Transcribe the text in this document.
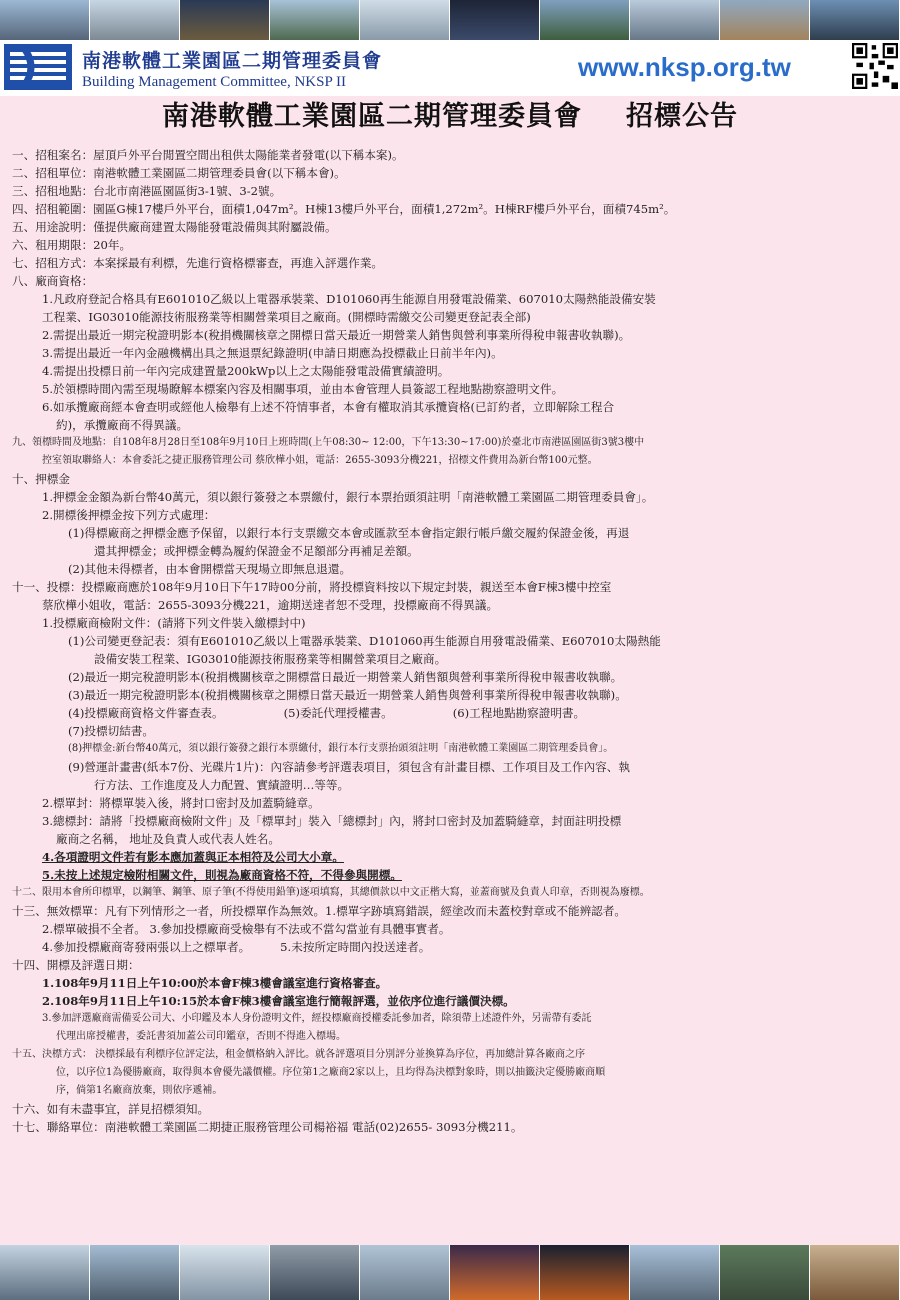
南港軟體工業園區二期管理委員會
Building Management Committee, NKSP II	www.nksp.org.tw
南港軟體工業園區二期管理委員會 招標公告
一、招租案名：屋頂戶外平台閒置空間出租供太陽能業者發電(以下稱本案)。
二、招租單位：南港軟體工業園區二期管理委員會(以下稱本會)。
三、招租地點：台北市南港區園區街3-1號、3-2號。
四、招租範圍：園區G棟17樓戶外平台，面積1,047m²。H棟13樓戶外平台，面積1,272m²。H棟RF樓戶外平台，面積745m²。
五、用途說明：僅提供廠商建置太陽能發電設備與其附屬設備。
六、租用期限：20年。
七、招租方式：本案採最有利標，先進行資格標審查，再進入評選作業。
八、廠商資格：
1.凡政府登記合格具有E601010乙級以上電器承裝業、D101060再生能源自用發電設備業、607010太陽熱能設備安裝
工程業、IG03010能源技術服務業等相關營業項目之廠商。(開標時需繳交公司變更登記表全部)
2.需提出最近一期完稅證明影本(稅捐機關核章之開標日當天最近一期營業人銷售與營利事業所得稅申報書收執聯)。
3.需提出最近一年內金融機構出具之無退票紀錄證明(申請日期應為投標截止日前半年內)。
4.需提出投標日前一年內完成建置量200kWp以上之太陽能發電設備實績證明。
5.於領標時間內需至現場瞭解本標案內容及相關事項，並由本會管理人員簽認工程地點勘察證明文件。
6.如承攬廠商經本會查明或經他人檢舉有上述不符情事者，本會有權取消其承攬資格(已訂約者，立即解除工程合
約)，承攬廠商不得異議。
九、領標時間及地點：自108年8月28日至108年9月10日上班時間(上午08:30~ 12:00，下午13:30~17:00)於臺北市南港區園區街3號3樓中
控室領取聯絡人：本會委託之捷正服務管理公司 蔡欣樺小姐，電話：2655-3093分機221，招標文件費用為新台幣100元整。
十、押標金
1.押標金金額為新台幣40萬元，須以銀行簽發之本票繳付，銀行本票抬頭須註明「南港軟體工業園區二期管理委員會」。
2.開標後押標金按下列方式處理：
(1)得標廠商之押標金應予保留，以銀行本行支票繳交本會或匯款至本會指定銀行帳戶繳交履約保證金後，再退
還其押標金；或押標金轉為履約保證金不足額部分再補足差額。
(2)其他未得標者，由本會開標當天現場立即無息退還。
十一、投標：投標廠商應於108年9月10日下午17時00分前，將投標資料按以下規定封裝，親送至本會F棟3樓中控室
蔡欣樺小姐收，電話：2655-3093分機221，逾期送達者恕不受理，投標廠商不得異議。
1.投標廠商檢附文件：(請將下列文件裝入繳標封中)
(1)公司變更登記表：須有E601010乙級以上電器承裝業、D101060再生能源自用發電設備業、E607010太陽熱能
設備安裝工程業、IG03010能源技術服務業等相關營業項目之廠商。
(2)最近一期完稅證明影本(稅捐機關核章之開標當日最近一期營業人銷售額與營利事業所得稅申報書收執聯。
(3)最近一期完稅證明影本(稅捐機關核章之開標日當天最近一期營業人銷售與營利事業所得稅申報書收執聯)。
(4)投標廠商資格文件審查表。	(5)委託代理授權書。	(6)工程地點勘察證明書。
(7)投標切結書。
(8)押標金:新台幣40萬元，須以銀行簽發之銀行本票繳付，銀行本行支票抬頭須註明「南港軟體工業園區二期管理委員會」。
(9)營運計畫書(紙本7份、光碟片1片)：內容請參考評選表項目，須包含有計畫目標、工作項目及工作內容、執
行方法、工作進度及人力配置、實績證明…等等。
2.標單封：將標單裝入後，將封口密封及加蓋騎縫章。
3.總標封：請將「投標廠商檢附文件」及「標單封」裝入「總標封」內，將封口密封及加蓋騎縫章，封面註明投標
廠商之名稱， 地址及負責人或代表人姓名。
4.各項證明文件若有影本應加蓋與正本相符及公司大小章。
5.未按上述規定檢附相關文件，則視為廠商資格不符，不得參與開標。
十二、限用本會所印標單，以鋼筆、鋼筆、原子筆(不得使用鉛筆)逐項填寫，其總價款以中文正楷大寫，並蓋商號及負責人印章，否則視為廢標。
十三、無效標單：凡有下列情形之一者，所投標單作為無效。1.標單字跡填寫錯誤，經塗改而未蓋校對章或不能辨認者。
2.標單破損不全者。 3.參加投標廠商受檢舉有不法或不當勾當並有具體事實者。
4.參加投標廠商寄發兩張以上之標單者。	5.未按所定時間內投送達者。
十四、開標及評選日期：
1.108年9月11日上午10:00於本會F棟3樓會議室進行資格審查。
2.108年9月11日上午10:15於本會F棟3樓會議室進行簡報評選，並依序位進行議價決標。
3.參加評選廠商需備妥公司大、小印鑑及本人身份證明文件，經投標廠商授權委託參加者，除須帶上述證件外，另需帶有委託
代理出席授權書，委託書須加蓋公司印鑑章，否則不得進入標場。
十五、決標方式： 決標採最有利標序位評定法，租金價格納入評比。就各評選項目分別評分並換算為序位，再加總計算各廠商之序
位，以序位1為優勝廠商，取得與本會優先議價權。序位第1之廠商2家以上，且均得為決標對象時，則以抽籤決定優勝廠商順
序，倘第1名廠商放棄，則依序遞補。
十六、如有未盡事宜，詳見招標須知。
十七、聯絡單位：南港軟體工業園區二期捷正服務管理公司楊裕福 電話(02)2655- 3093分機211。
